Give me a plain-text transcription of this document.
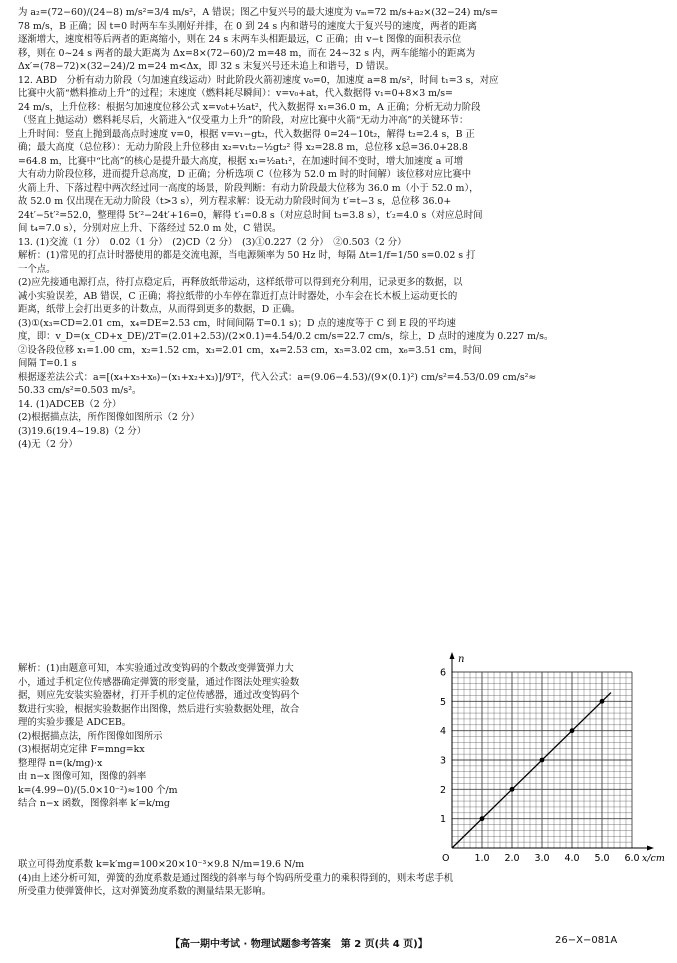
为 a₂=(72−60)/(24−8) m/s²=3/4 m/s²，A 错误；图乙中复兴号的最大速度为 vₘ=72 m/s+a₂×(32−24) m/s=

78 m/s，B 正确；因 t=0 时两车车头刚好并排，在 0 到 24 s 内和谐号的速度大于复兴号的速度，两者的距离

逐渐增大，速度相等后两者的距离缩小，则在 24 s 末两车头相距最远，C 正确；由 v−t 图像的面积表示位

移，则在 0~24 s 两者的最大距离为 Δx=8×(72−60)/2 m=48 m，而在 24~32 s 内，两车能缩小的距离为

Δx′=(78−72)×(32−24)/2 m=24 m<Δx，即 32 s 末复兴号还未追上和谐号，D 错误。

12. ABD　分析有动力阶段（匀加速直线运动）时此阶段火箭初速度 v₀=0，加速度 a=8 m/s²，时间 t₁=3 s，对应

比赛中火箭“燃料推动上升”的过程；末速度（燃料耗尽瞬间）：v=v₀+at，代入数据得 v₁=0+8×3 m/s=

24 m/s，上升位移：根据匀加速度位移公式 x=v₀t+½at²，代入数据得 x₁=36.0 m，A 正确；分析无动力阶段

（竖直上抛运动）燃料耗尽后，火箭进入“仅受重力上升”的阶段，对应比赛中火箭“无动力冲高”的关键环节：

上升时间：竖直上抛到最高点时速度 v=0，根据 v=v₁−gt₂，代入数据得 0=24−10t₂，解得 t₂=2.4 s，B 正

确；最大高度（总位移）：无动力阶段上升位移由 x₂=v₁t₂−½gt₂² 得 x₂=28.8 m，总位移 x总=36.0+28.8

=64.8 m，比赛中“比高”的核心是提升最大高度，根据 x₁=½at₁²，在加速时间不变时，增大加速度 a 可增

大有动力阶段位移，进而提升总高度，D 正确；分析选项 C（位移为 52.0 m 时的时间解）该位移对应比赛中

火箭上升、下落过程中两次经过同一高度的场景，阶段判断：有动力阶段最大位移为 36.0 m（小于 52.0 m），

故 52.0 m 仅出现在无动力阶段（t>3 s），列方程求解：设无动力阶段时间为 t′=t−3 s，总位移 36.0+

24t′−5t′²=52.0，整理得 5t′²−24t′+16=0，解得 t′₁=0.8 s（对应总时间 t₃=3.8 s），t′₂=4.0 s（对应总时间

间 t₄=7.0 s），分别对应上升、下落经过 52.0 m 处，C 错误。

13. (1)交流（1 分）　0.02（1 分）　(2)CD（2 分）　(3)①0.227（2 分）　②0.503（2 分）

解析：(1)常见的打点计时器使用的都是交流电源，当电源频率为 50 Hz 时，每隔 Δt=1/f=1/50 s=0.02 s 打

一个点。

(2)应先接通电源打点，待打点稳定后，再释放纸带运动，这样纸带可以得到充分利用，记录更多的数据，以

减小实验误差，AB 错误，C 正确；将拉纸带的小车停在靠近打点计时器处，小车会在长木板上运动更长的

距离，纸带上会打出更多的计数点，从而得到更多的数据，D 正确。

(3)①(x₃=CD=2.01 cm，x₄=DE=2.53 cm，时间间隔 T=0.1 s)；D 点的速度等于 C 到 E 段的平均速

度，即：v_D=(x_CD+x_DE)/2T=(2.01+2.53)/(2×0.1)=4.54/0.2 cm/s=22.7 cm/s，综上，D 点时的速度为 0.227 m/s。

②设各段位移 x₁=1.00 cm，x₂=1.52 cm，x₃=2.01 cm，x₄=2.53 cm，x₅=3.02 cm，x₆=3.51 cm，时间

间隔 T=0.1 s

根据逐差法公式：a=[(x₄+x₅+x₆)−(x₁+x₂+x₃)]/9T²，代入公式：a=(9.06−4.53)/(9×(0.1)²) cm/s²=4.53/0.09 cm/s²≈

50.33 cm/s²=0.503 m/s²。

14. (1)ADCEB（2 分）

(2)根据描点法，所作图像如图所示（2 分）

(3)19.6(19.4~19.8)（2 分）

(4)无（2 分）

解析：(1)由题意可知，本实验通过改变钩码的个数改变弹簧弹力大

小，通过手机定位传感器确定弹簧的形变量，通过作图法处理实验数

据，则应先安装实验器材，打开手机的定位传感器，通过改变钩码个

数进行实验，根据实验数据作出图像，然后进行实验数据处理，故合

理的实验步骤是 ADCEB。

(2)根据描点法，所作图像如图所示

(3)根据胡克定律 F=mng=kx

整理得 n=(k/mg)·x

由 n−x 图像可知，图像的斜率

k=(4.99−0)/(5.0×10⁻²)≈100 个/m

结合 n−x 函数，图像斜率 k′=k/mg

联立可得劲度系数 k=k′mg=100×20×10⁻³×9.8 N/m=19.6 N/m

(4)由上述分析可知，弹簧的劲度系数是通过图线的斜率与每个钩码所受重力的乘积得到的，则未考虑手机

所受重力使弹簧伸长，这对弹簧劲度系数的测量结果无影响。

1.0 2.0 3.0 4.0 5.0 6.0
1
2
3
4
5
6
O	x/cm
n
【高一期中考试 · 物理试题参考答案　第 2 页(共 4 页)】	26−X−081A
